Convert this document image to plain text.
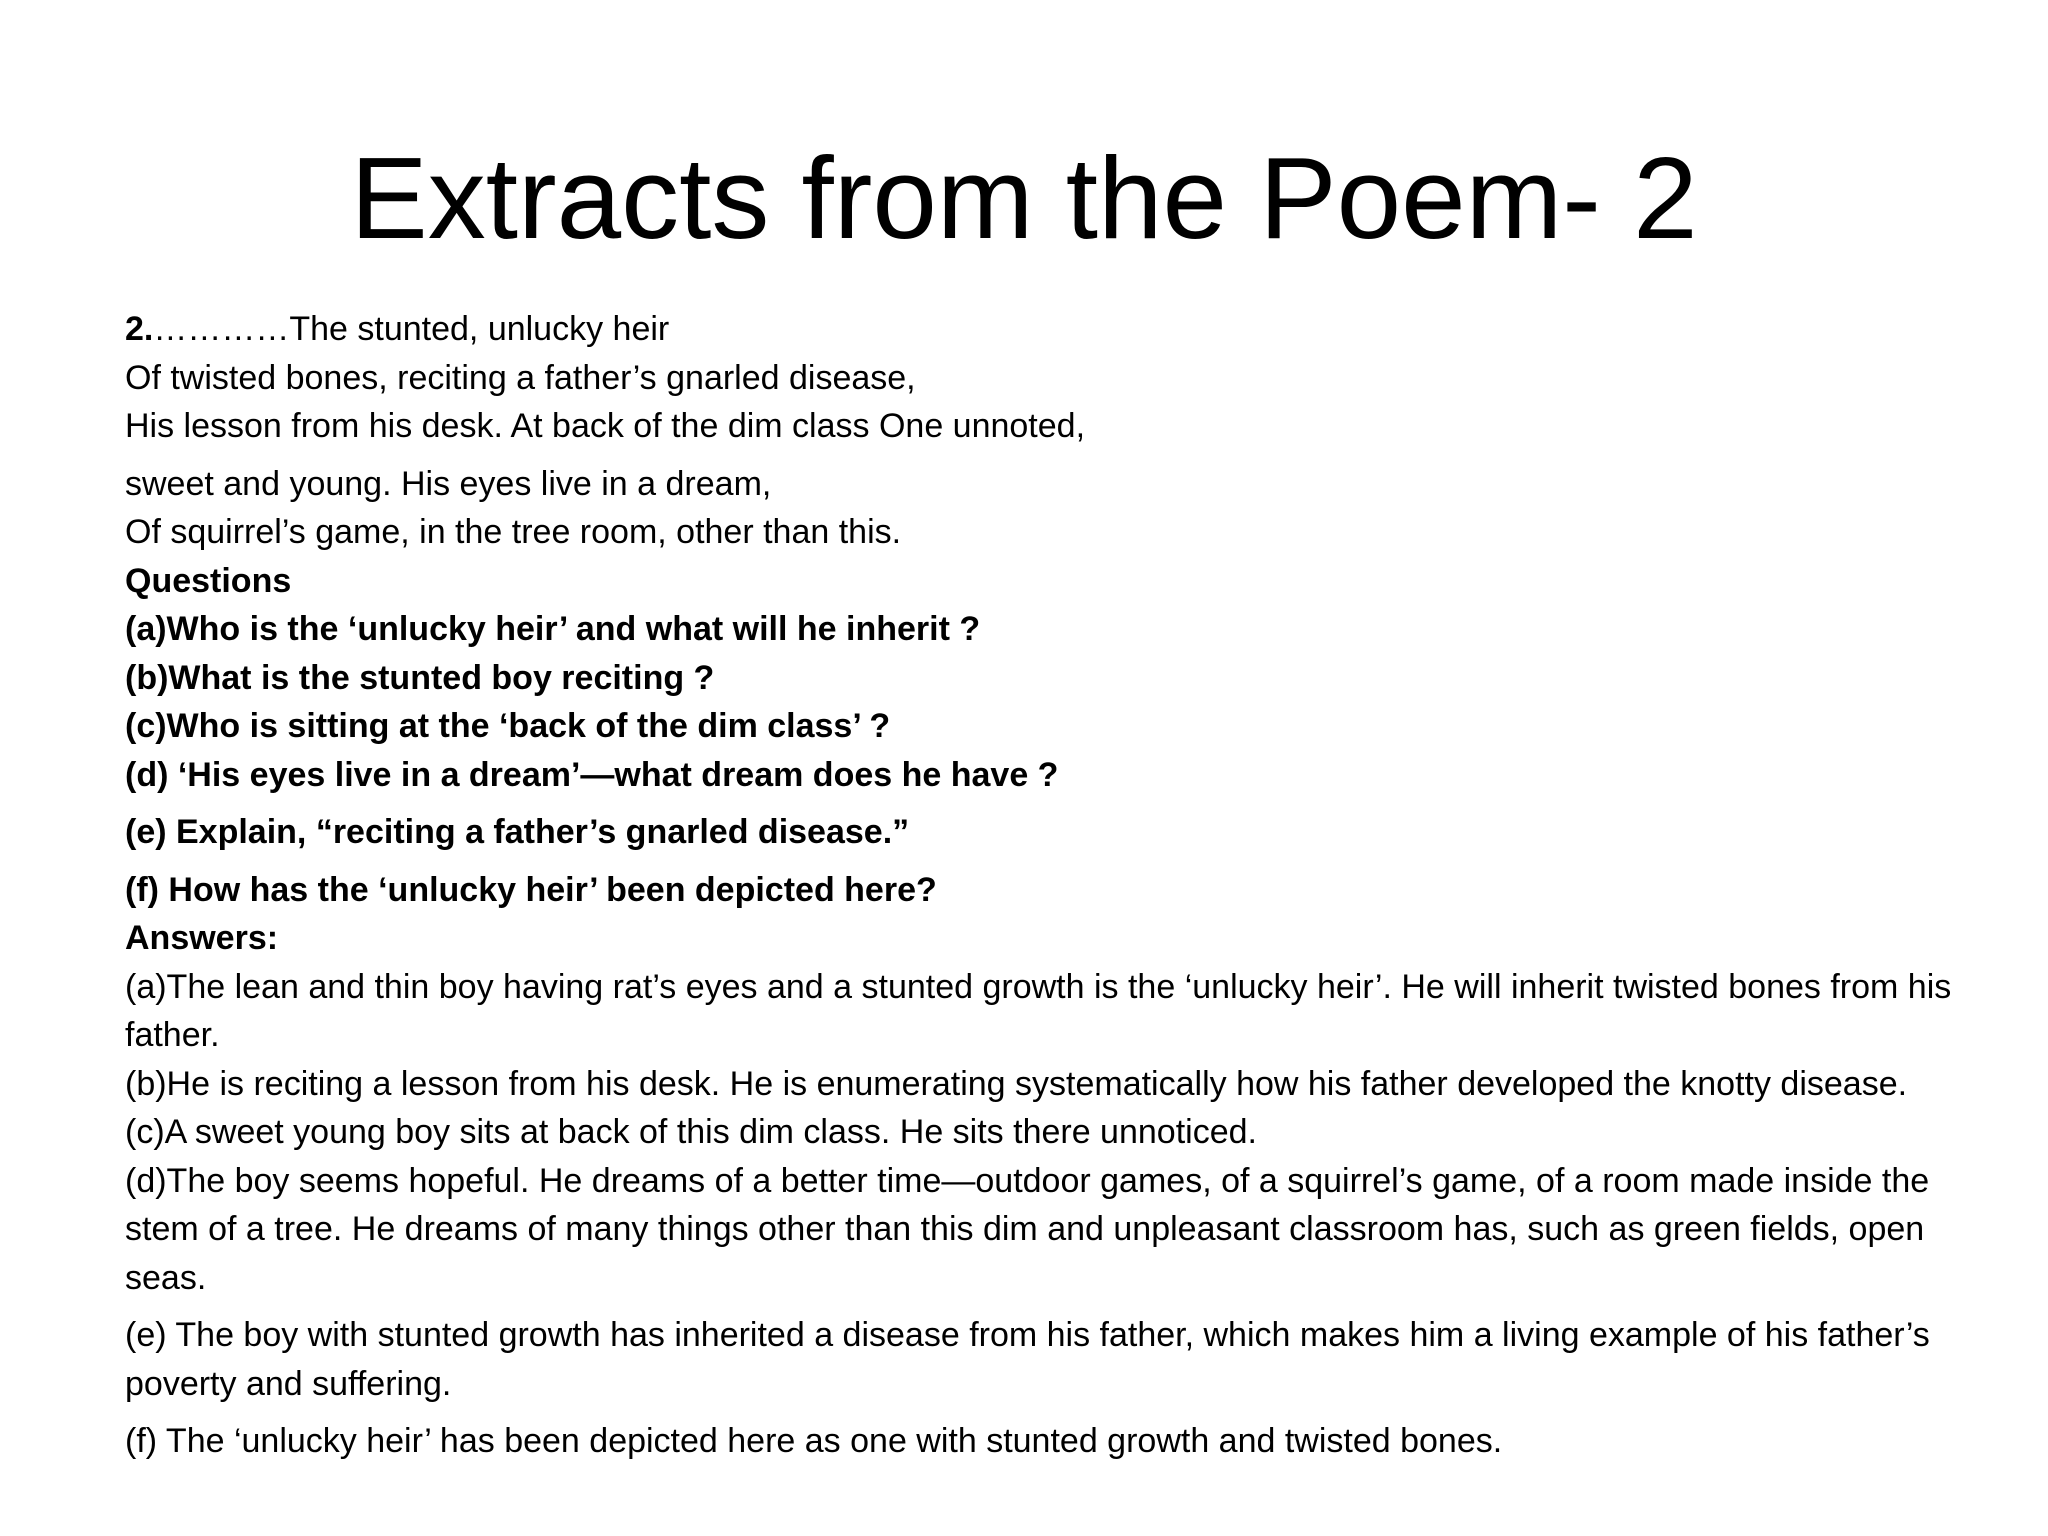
Extracts from the Poem- 2
2.…………The stunted, unlucky heir
Of twisted bones, reciting a father’s gnarled disease,
His lesson from his desk. At back of the dim class One unnoted,
sweet and young. His eyes live in a dream,
Of squirrel’s game, in the tree room, other than this.
Questions
(a)Who is the ‘unlucky heir’ and what will he inherit ?
(b)What is the stunted boy reciting ?
(c)Who is sitting at the ‘back of the dim class’ ?
(d) ‘His eyes live in a dream’—what dream does he have ?
(e) Explain, “reciting a father’s gnarled disease.”
(f) How has the ‘unlucky heir’ been depicted here?
Answers:
(a)The lean and thin boy having rat’s eyes and a stunted growth is the ‘unlucky heir’. He will inherit twisted bones from his father.
(b)He is reciting a lesson from his desk. He is enumerating systematically how his father developed the knotty disease.
(c)A sweet young boy sits at back of this dim class. He sits there unnoticed.
(d)The boy seems hopeful. He dreams of a better time—outdoor games, of a squirrel’s game, of a room made inside the stem of a tree. He dreams of many things other than this dim and unpleasant classroom has, such as green fields, open seas.
(e) The boy with stunted growth has inherited a disease from his father, which makes him a living example of his father’s poverty and suffering.
(f) The ‘unlucky heir’ has been depicted here as one with stunted growth and twisted bones.
